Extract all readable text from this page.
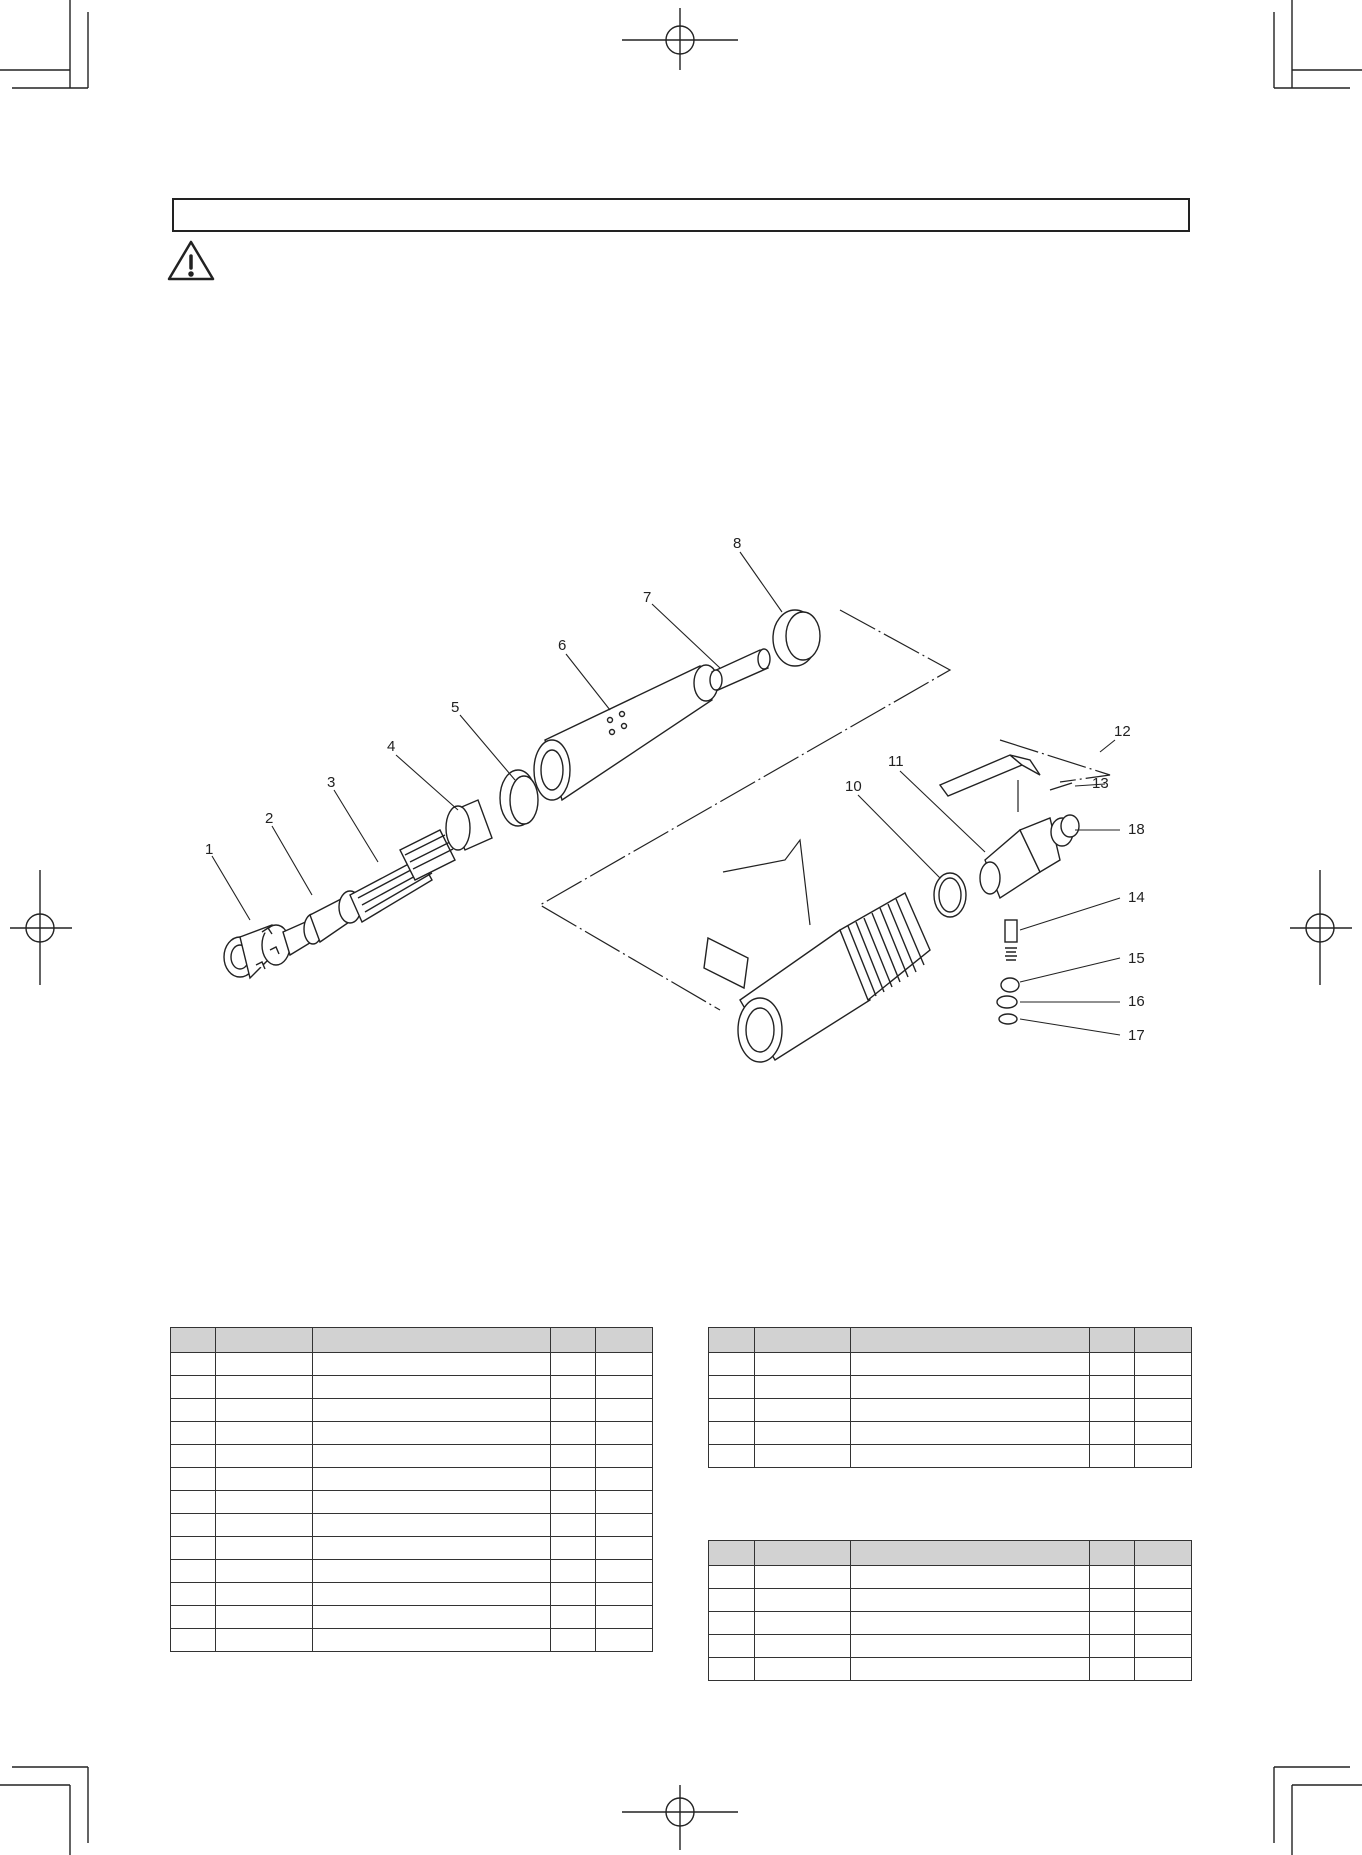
1
2
3
4
5
6
7
8
10
11
12
13
14
15
16
17
18
